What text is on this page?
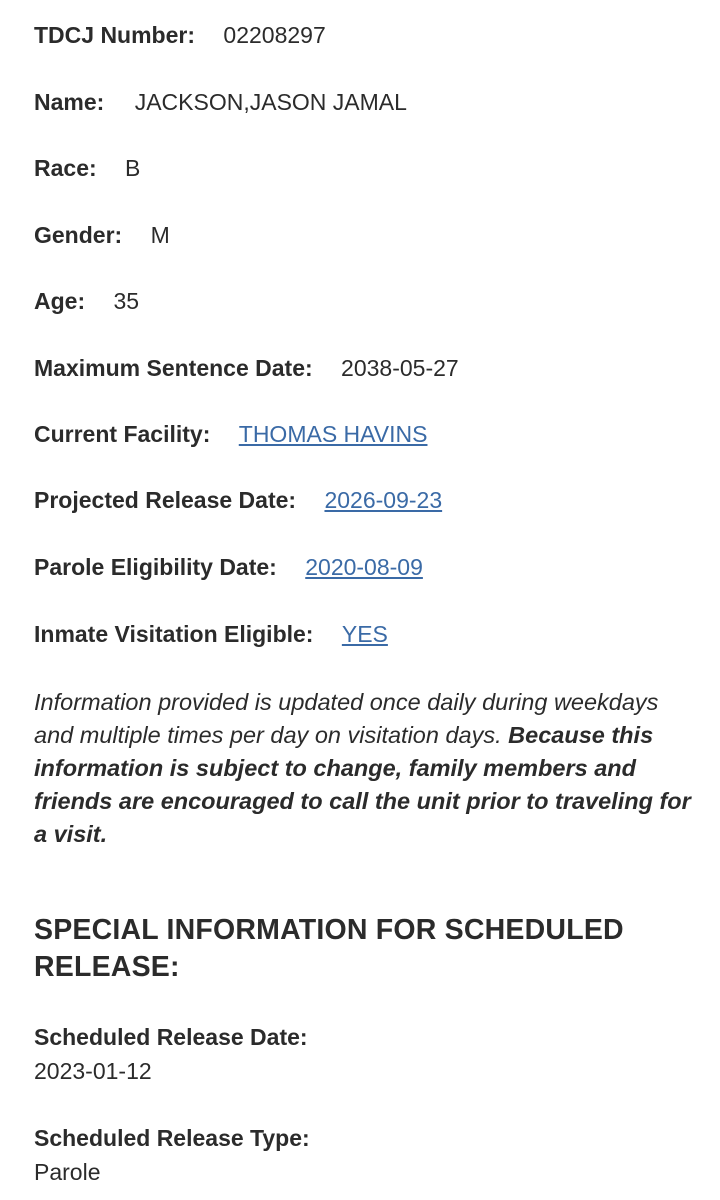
TDCJ Number: 02208297
Name: JACKSON,JASON JAMAL
Race: B
Gender: M
Age: 35
Maximum Sentence Date: 2038-05-27
Current Facility: THOMAS HAVINS
Projected Release Date: 2026-09-23
Parole Eligibility Date: 2020-08-09
Inmate Visitation Eligible: YES
Information provided is updated once daily during weekdays and multiple times per day on visitation days. Because this information is subject to change, family members and friends are encouraged to call the unit prior to traveling for a visit.
SPECIAL INFORMATION FOR SCHEDULED RELEASE:
Scheduled Release Date:
2023-01-12
Scheduled Release Type:
Parole
